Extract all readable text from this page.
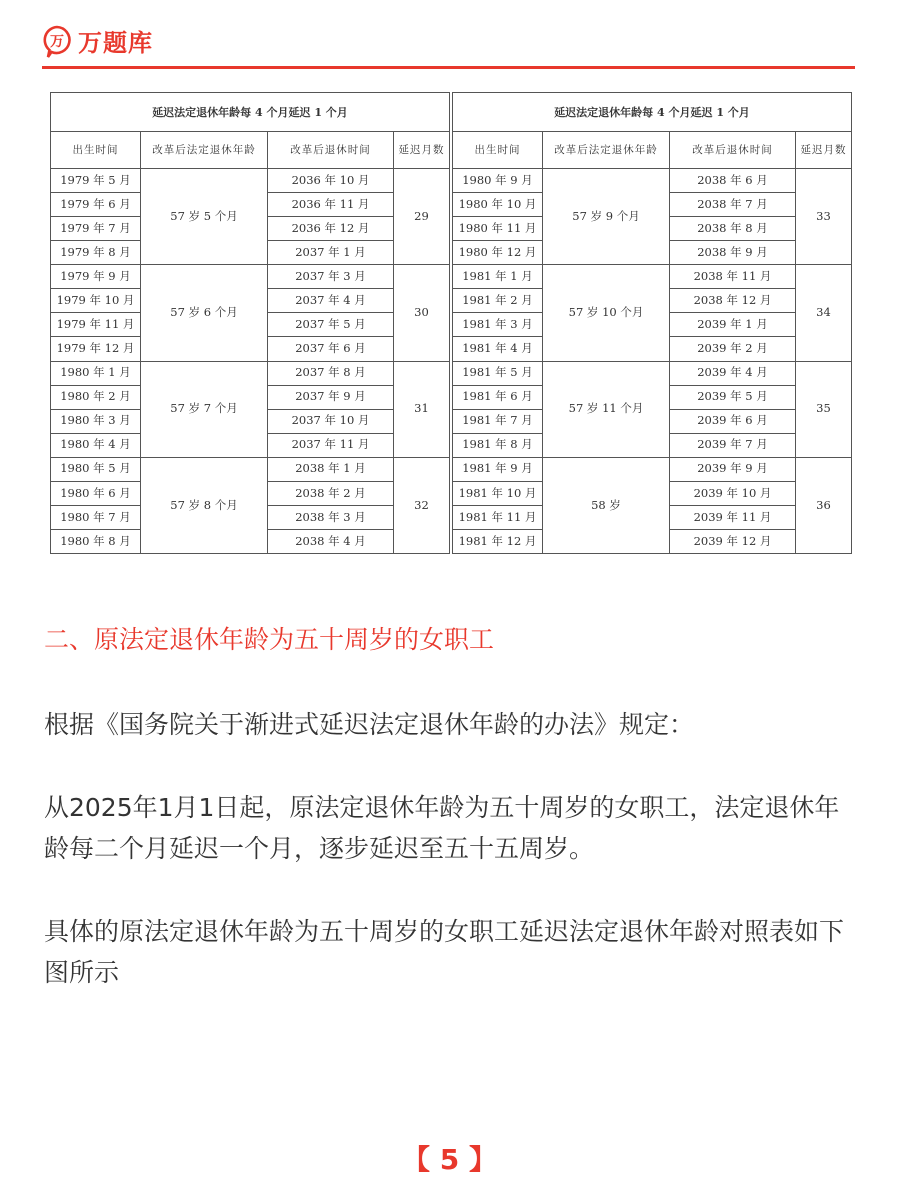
万 万题库
延迟法定退休年龄每 4 个月延迟 1 个月			
出生时间	改革后法定退休年龄	改革后退休时间	延迟月数
1979 年 5 月	57 岁 5 个月	2036 年 10 月	29
1979 年 6 月		2036 年 11 月	
1979 年 7 月		2036 年 12 月	
1979 年 8 月		2037 年 1 月	
1979 年 9 月	57 岁 6 个月	2037 年 3 月	30
1979 年 10 月		2037 年 4 月	
1979 年 11 月		2037 年 5 月	
1979 年 12 月		2037 年 6 月	
1980 年 1 月	57 岁 7 个月	2037 年 8 月	31
1980 年 2 月		2037 年 9 月	
1980 年 3 月		2037 年 10 月	
1980 年 4 月		2037 年 11 月	
1980 年 5 月	57 岁 8 个月	2038 年 1 月	32
1980 年 6 月		2038 年 2 月	
1980 年 7 月		2038 年 3 月	
1980 年 8 月		2038 年 4 月	
延迟法定退休年龄每 4 个月延迟 1 个月			
出生时间	改革后法定退休年龄	改革后退休时间	延迟月数
1980 年 9 月	57 岁 9 个月	2038 年 6 月	33
1980 年 10 月		2038 年 7 月	
1980 年 11 月		2038 年 8 月	
1980 年 12 月		2038 年 9 月	
1981 年 1 月	57 岁 10 个月	2038 年 11 月	34
1981 年 2 月		2038 年 12 月	
1981 年 3 月		2039 年 1 月	
1981 年 4 月		2039 年 2 月	
1981 年 5 月	57 岁 11 个月	2039 年 4 月	35
1981 年 6 月		2039 年 5 月	
1981 年 7 月		2039 年 6 月	
1981 年 8 月		2039 年 7 月	
1981 年 9 月	58 岁	2039 年 9 月	36
1981 年 10 月		2039 年 10 月	
1981 年 11 月		2039 年 11 月	
1981 年 12 月		2039 年 12 月	
二、原法定退休年龄为五十周岁的女职工
根据《国务院关于渐进式延迟法定退休年龄的办法》规定：
从2025年1月1日起，原法定退休年龄为五十周岁的女职工，法定退休年龄每二个月延迟一个月，逐步延迟至五十五周岁。
具体的原法定退休年龄为五十周岁的女职工延迟法定退休年龄对照表如下图所示
【 5 】
